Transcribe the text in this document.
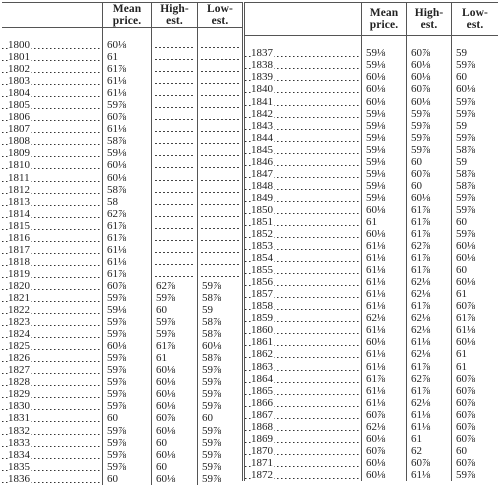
Mean
price.
High-
est.
Low-
est.
1800
1801
1802
1803
1804
1805
1806
1807
1808
1809
1810
1811
1812
1813
1814
1815
1816
1817
1818
1819
1820
1821
1822
1823
1824
1825
1826
1827
1828
1829
1830
1831
1832
1833
1834
1835
1836
60⅛
61
61⅞
61⅛
61⅛
59⅞
60⅞
61⅛
58⅞
59⅛
60⅛
60⅛
58⅞
58
62⅞
61⅞
61⅞
61⅛
61⅛
61⅞
60⅞
59⅞
59⅛
59⅞
59⅞
60⅛
59⅞
59⅞
59⅞
59⅞
59⅞
60
59⅞
59⅞
59⅞
59⅞
60
62⅞
59⅞
60
59⅞
59⅞
61⅞
61
60⅛
60⅛
60⅛
60⅛
60⅞
60⅛
60
60⅛
60
60⅛
59⅞
58⅞
59
58⅞
58⅞
60⅛
58⅞
59⅞
59⅞
59⅞
59⅞
60
59⅞
59⅞
59⅞
59⅞
59⅞
Mean
price.
High-
est.
Low-
est.
1837
1838
1839
1840
1841
1842
1843
1844
1845
1846
1847
1848
1849
1850
1851
1852
1853
1854
1855
1856
1857
1858
1859
1860
1861
1862
1863
1864
1865
1866
1867
1868
1869
1870
1871
1872
59⅛
59⅛
60⅛
60⅛
60⅛
59⅛
59⅛
59⅛
59⅛
59⅛
59⅛
59⅛
59⅛
60⅛
61
60⅛
61⅛
61⅛
61⅛
61⅛
61⅛
61⅛
62⅛
61⅛
60⅛
61⅛
61⅛
61⅞
61⅛
61⅛
60⅞
62⅛
60⅛
60⅞
60⅛
60⅛
60⅞
60⅛
60⅛
60⅞
60⅛
59⅞
59⅞
59⅞
59⅞
60
60⅞
60
60⅛
61⅞
61⅞
61⅞
62⅞
61⅞
61⅞
62⅛
62⅛
61⅞
62⅛
62⅛
61⅛
62⅛
61⅞
62⅞
61⅞
62⅛
61⅛
61⅛
61
62
60⅞
61⅛
59
59⅞
60
60⅛
59⅞
59⅞
59
59⅞
58⅞
59
58⅞
58⅞
59⅞
59⅞
60
59⅞
60⅛
60⅛
60
60⅛
61
60⅞
61⅞
61⅛
60⅛
61
61
60⅞
60⅞
60⅞
60⅞
60⅞
60⅞
60
60⅞
59⅞
